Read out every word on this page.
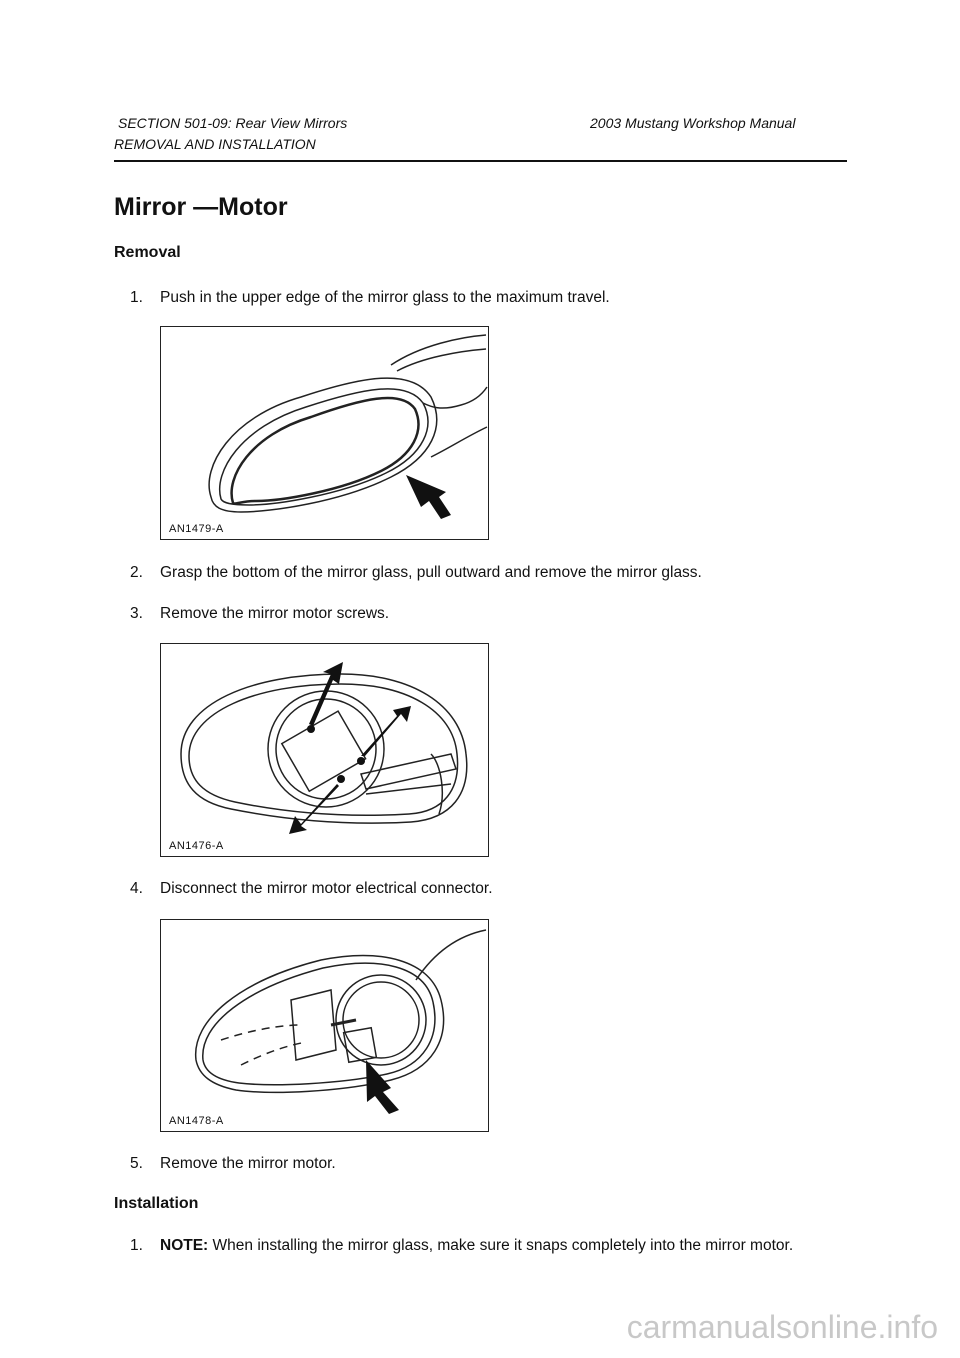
SECTION 501-09: Rear View Mirrors	2003 Mustang Workshop Manual
REMOVAL AND INSTALLATION
Mirror —Motor
Removal
1. Push in the upper edge of the mirror glass to the maximum travel.
AN1479-A
2. Grasp the bottom of the mirror glass, pull outward and remove the mirror glass.
3. Remove the mirror motor screws.
AN1476-A
4. Disconnect the mirror motor electrical connector.
AN1478-A
5. Remove the mirror motor.
Installation
1. NOTE: When installing the mirror glass, make sure it snaps completely into the mirror motor.
carmanualsonline.info
